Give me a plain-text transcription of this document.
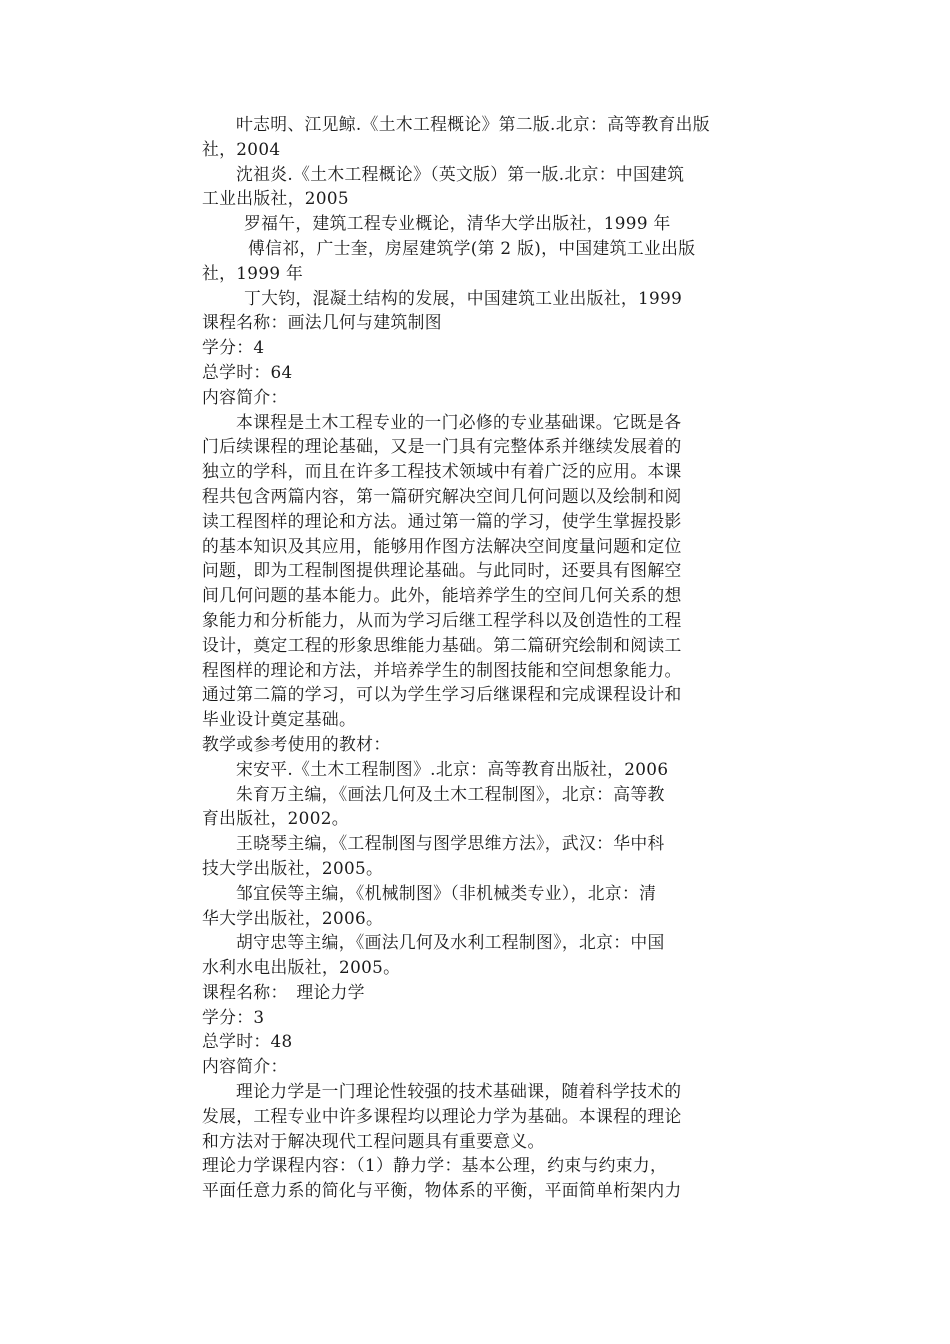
叶志明、江见鲸.《土木工程概论》第二版.北京：高等教育出版

社，2004

沈祖炎.《土木工程概论》（英文版）第一版.北京：中国建筑

工业出版社，2005

罗福午，建筑工程专业概论，清华大学出版社，1999 年

傅信祁，广士奎，房屋建筑学(第 2 版)，中国建筑工业出版

社，1999 年

丁大钧，混凝土结构的发展，中国建筑工业出版社，1999

课程名称：画法几何与建筑制图

学分：4

总学时：64

内容简介：

本课程是土木工程专业的一门必修的专业基础课。它既是各

门后续课程的理论基础，又是一门具有完整体系并继续发展着的

独立的学科，而且在许多工程技术领域中有着广泛的应用。本课

程共包含两篇内容，第一篇研究解决空间几何问题以及绘制和阅

读工程图样的理论和方法。通过第一篇的学习，使学生掌握投影

的基本知识及其应用，能够用作图方法解决空间度量问题和定位

问题，即为工程制图提供理论基础。与此同时，还要具有图解空

间几何问题的基本能力。此外，能培养学生的空间几何关系的想

象能力和分析能力，从而为学习后继工程学科以及创造性的工程

设计，奠定工程的形象思维能力基础。第二篇研究绘制和阅读工

程图样的理论和方法，并培养学生的制图技能和空间想象能力。

通过第二篇的学习，可以为学生学习后继课程和完成课程设计和

毕业设计奠定基础。

教学或参考使用的教材：

宋安平.《土木工程制图》.北京：高等教育出版社，2006

朱育万主编，《画法几何及土木工程制图》，北京：高等教

育出版社，2002。

王晓琴主编，《工程制图与图学思维方法》，武汉：华中科

技大学出版社，2005。

邹宜侯等主编，《机械制图》（非机械类专业），北京：清

华大学出版社，2006。

胡守忠等主编，《画法几何及水利工程制图》，北京：中国

水利水电出版社，2005。

课程名称：　理论力学

学分：3

总学时：48

内容简介：

理论力学是一门理论性较强的技术基础课，随着科学技术的

发展，工程专业中许多课程均以理论力学为基础。本课程的理论

和方法对于解决现代工程问题具有重要意义。

理论力学课程内容：（1）静力学：基本公理，约束与约束力，

平面任意力系的简化与平衡，物体系的平衡，平面简单桁架内力
